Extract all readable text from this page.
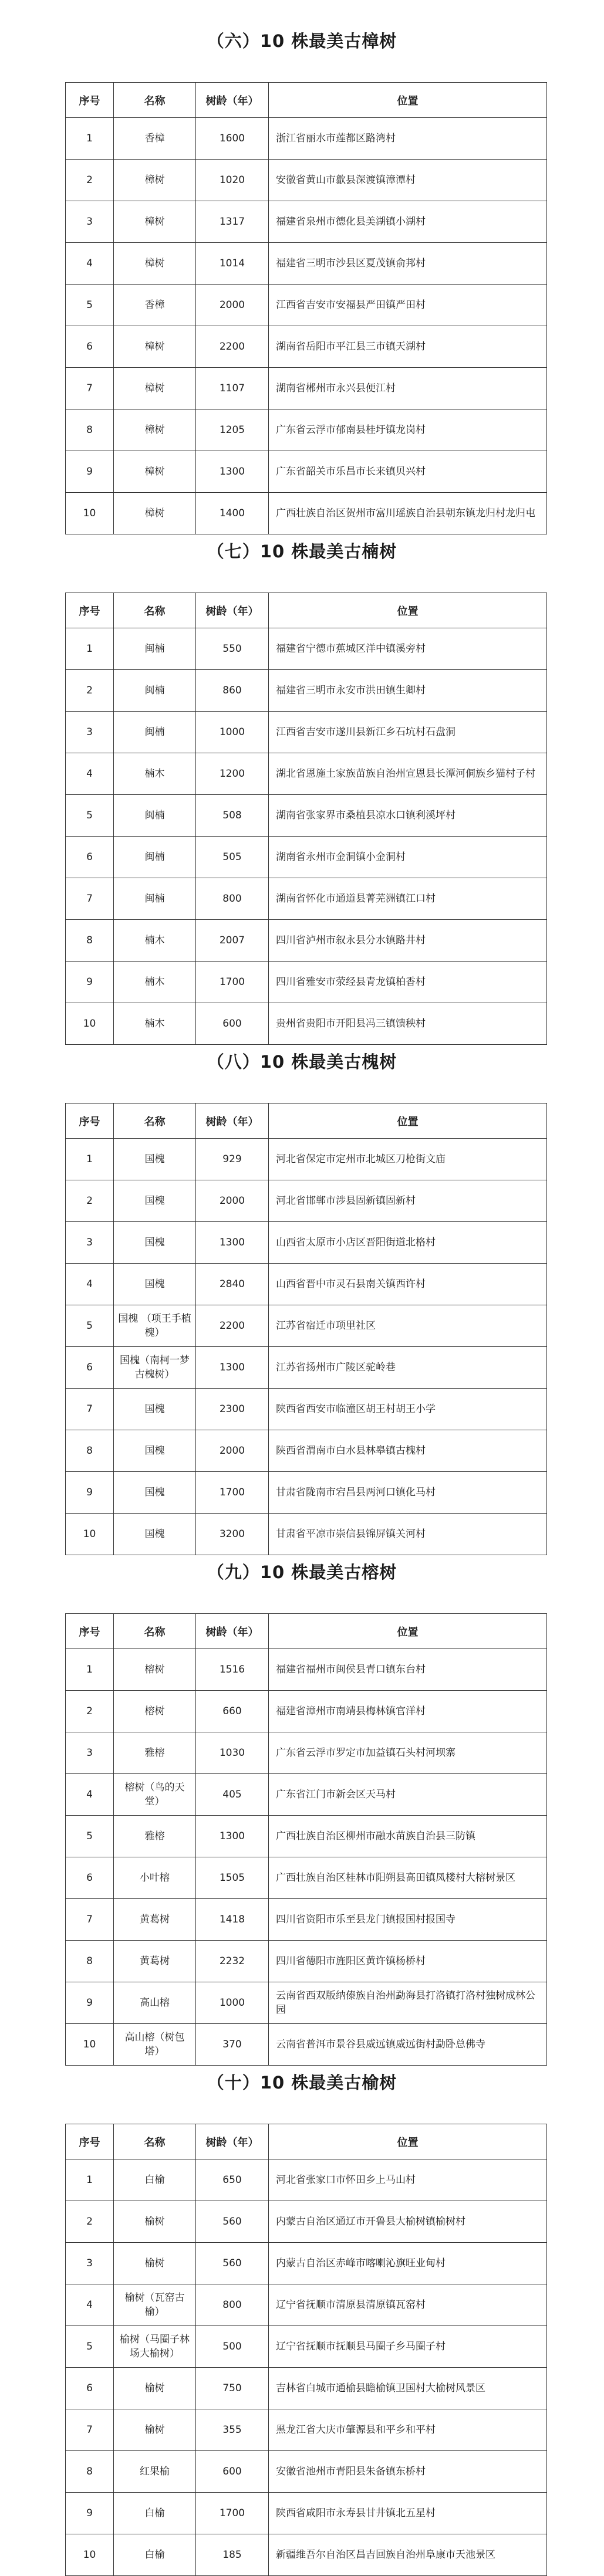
（六）10 株最美古樟树
序号	名称	树龄（年）	位置
1	香樟	1600	浙江省丽水市莲都区路湾村
2	樟树	1020	安徽省黄山市歙县深渡镇漳潭村
3	樟树	1317	福建省泉州市德化县美湖镇小湖村
4	樟树	1014	福建省三明市沙县区夏茂镇俞邦村
5	香樟	2000	江西省吉安市安福县严田镇严田村
6	樟树	2200	湖南省岳阳市平江县三市镇天湖村
7	樟树	1107	湖南省郴州市永兴县便江村
8	樟树	1205	广东省云浮市郁南县桂圩镇龙岗村
9	樟树	1300	广东省韶关市乐昌市长来镇贝兴村
10	樟树	1400	广西壮族自治区贺州市富川瑶族自治县朝东镇龙归村龙归屯
（七）10 株最美古楠树
序号	名称	树龄（年）	位置
1	闽楠	550	福建省宁德市蕉城区洋中镇溪旁村
2	闽楠	860	福建省三明市永安市洪田镇生卿村
3	闽楠	1000	江西省吉安市遂川县新江乡石坑村石盘洞
4	楠木	1200	湖北省恩施土家族苗族自治州宣恩县长潭河侗族乡猫村子村
5	闽楠	508	湖南省张家界市桑植县凉水口镇利溪坪村
6	闽楠	505	湖南省永州市金洞镇小金洞村
7	闽楠	800	湖南省怀化市通道县菁芜洲镇江口村
8	楠木	2007	四川省泸州市叙永县分水镇路井村
9	楠木	1700	四川省雅安市荥经县青龙镇柏香村
10	楠木	600	贵州省贵阳市开阳县冯三镇馈秧村
（八）10 株最美古槐树
序号	名称	树龄（年）	位置
1	国槐	929	河北省保定市定州市北城区刀枪街文庙
2	国槐	2000	河北省邯郸市涉县固新镇固新村
3	国槐	1300	山西省太原市小店区晋阳街道北格村
4	国槐	2840	山西省晋中市灵石县南关镇西许村
5	国槐 （项王手植槐）	2200	江苏省宿迁市项里社区
6	国槐（南柯一梦古槐树）	1300	江苏省扬州市广陵区驼岭巷
7	国槐	2300	陕西省西安市临潼区胡王村胡王小学
8	国槐	2000	陕西省渭南市白水县林皋镇古槐村
9	国槐	1700	甘肃省陇南市宕昌县两河口镇化马村
10	国槐	3200	甘肃省平凉市崇信县锦屏镇关河村
（九）10 株最美古榕树
序号	名称	树龄（年）	位置
1	榕树	1516	福建省福州市闽侯县青口镇东台村
2	榕树	660	福建省漳州市南靖县梅林镇官洋村
3	雅榕	1030	广东省云浮市罗定市加益镇石头村河坝寨
4	榕树（鸟的天堂）	405	广东省江门市新会区天马村
5	雅榕	1300	广西壮族自治区柳州市融水苗族自治县三防镇
6	小叶榕	1505	广西壮族自治区桂林市阳朔县高田镇凤楼村大榕树景区
7	黄葛树	1418	四川省资阳市乐至县龙门镇报国村报国寺
8	黄葛树	2232	四川省德阳市旌阳区黄许镇杨桥村
9	高山榕	1000	云南省西双版纳傣族自治州勐海县打洛镇打洛村独树成林公园
10	高山榕（树包塔）	370	云南省普洱市景谷县威远镇威远街村勐卧总佛寺
（十）10 株最美古榆树
序号	名称	树龄（年）	位置
1	白榆	650	河北省张家口市怀田乡上马山村
2	榆树	560	内蒙古自治区通辽市开鲁县大榆树镇榆树村
3	榆树	560	内蒙古自治区赤峰市喀喇沁旗旺业甸村
4	榆树（瓦窑古榆）	800	辽宁省抚顺市清原县清原镇瓦窑村
5	榆树（马圈子林场大榆树）	500	辽宁省抚顺市抚顺县马圈子乡马圈子村
6	榆树	750	吉林省白城市通榆县瞻榆镇卫国村大榆树风景区
7	榆树	355	黑龙江省大庆市肇源县和平乡和平村
8	红果榆	600	安徽省池州市青阳县朱备镇东桥村
9	白榆	1700	陕西省咸阳市永寿县甘井镇北五星村
10	白榆	185	新疆维吾尔自治区昌吉回族自治州阜康市天池景区
